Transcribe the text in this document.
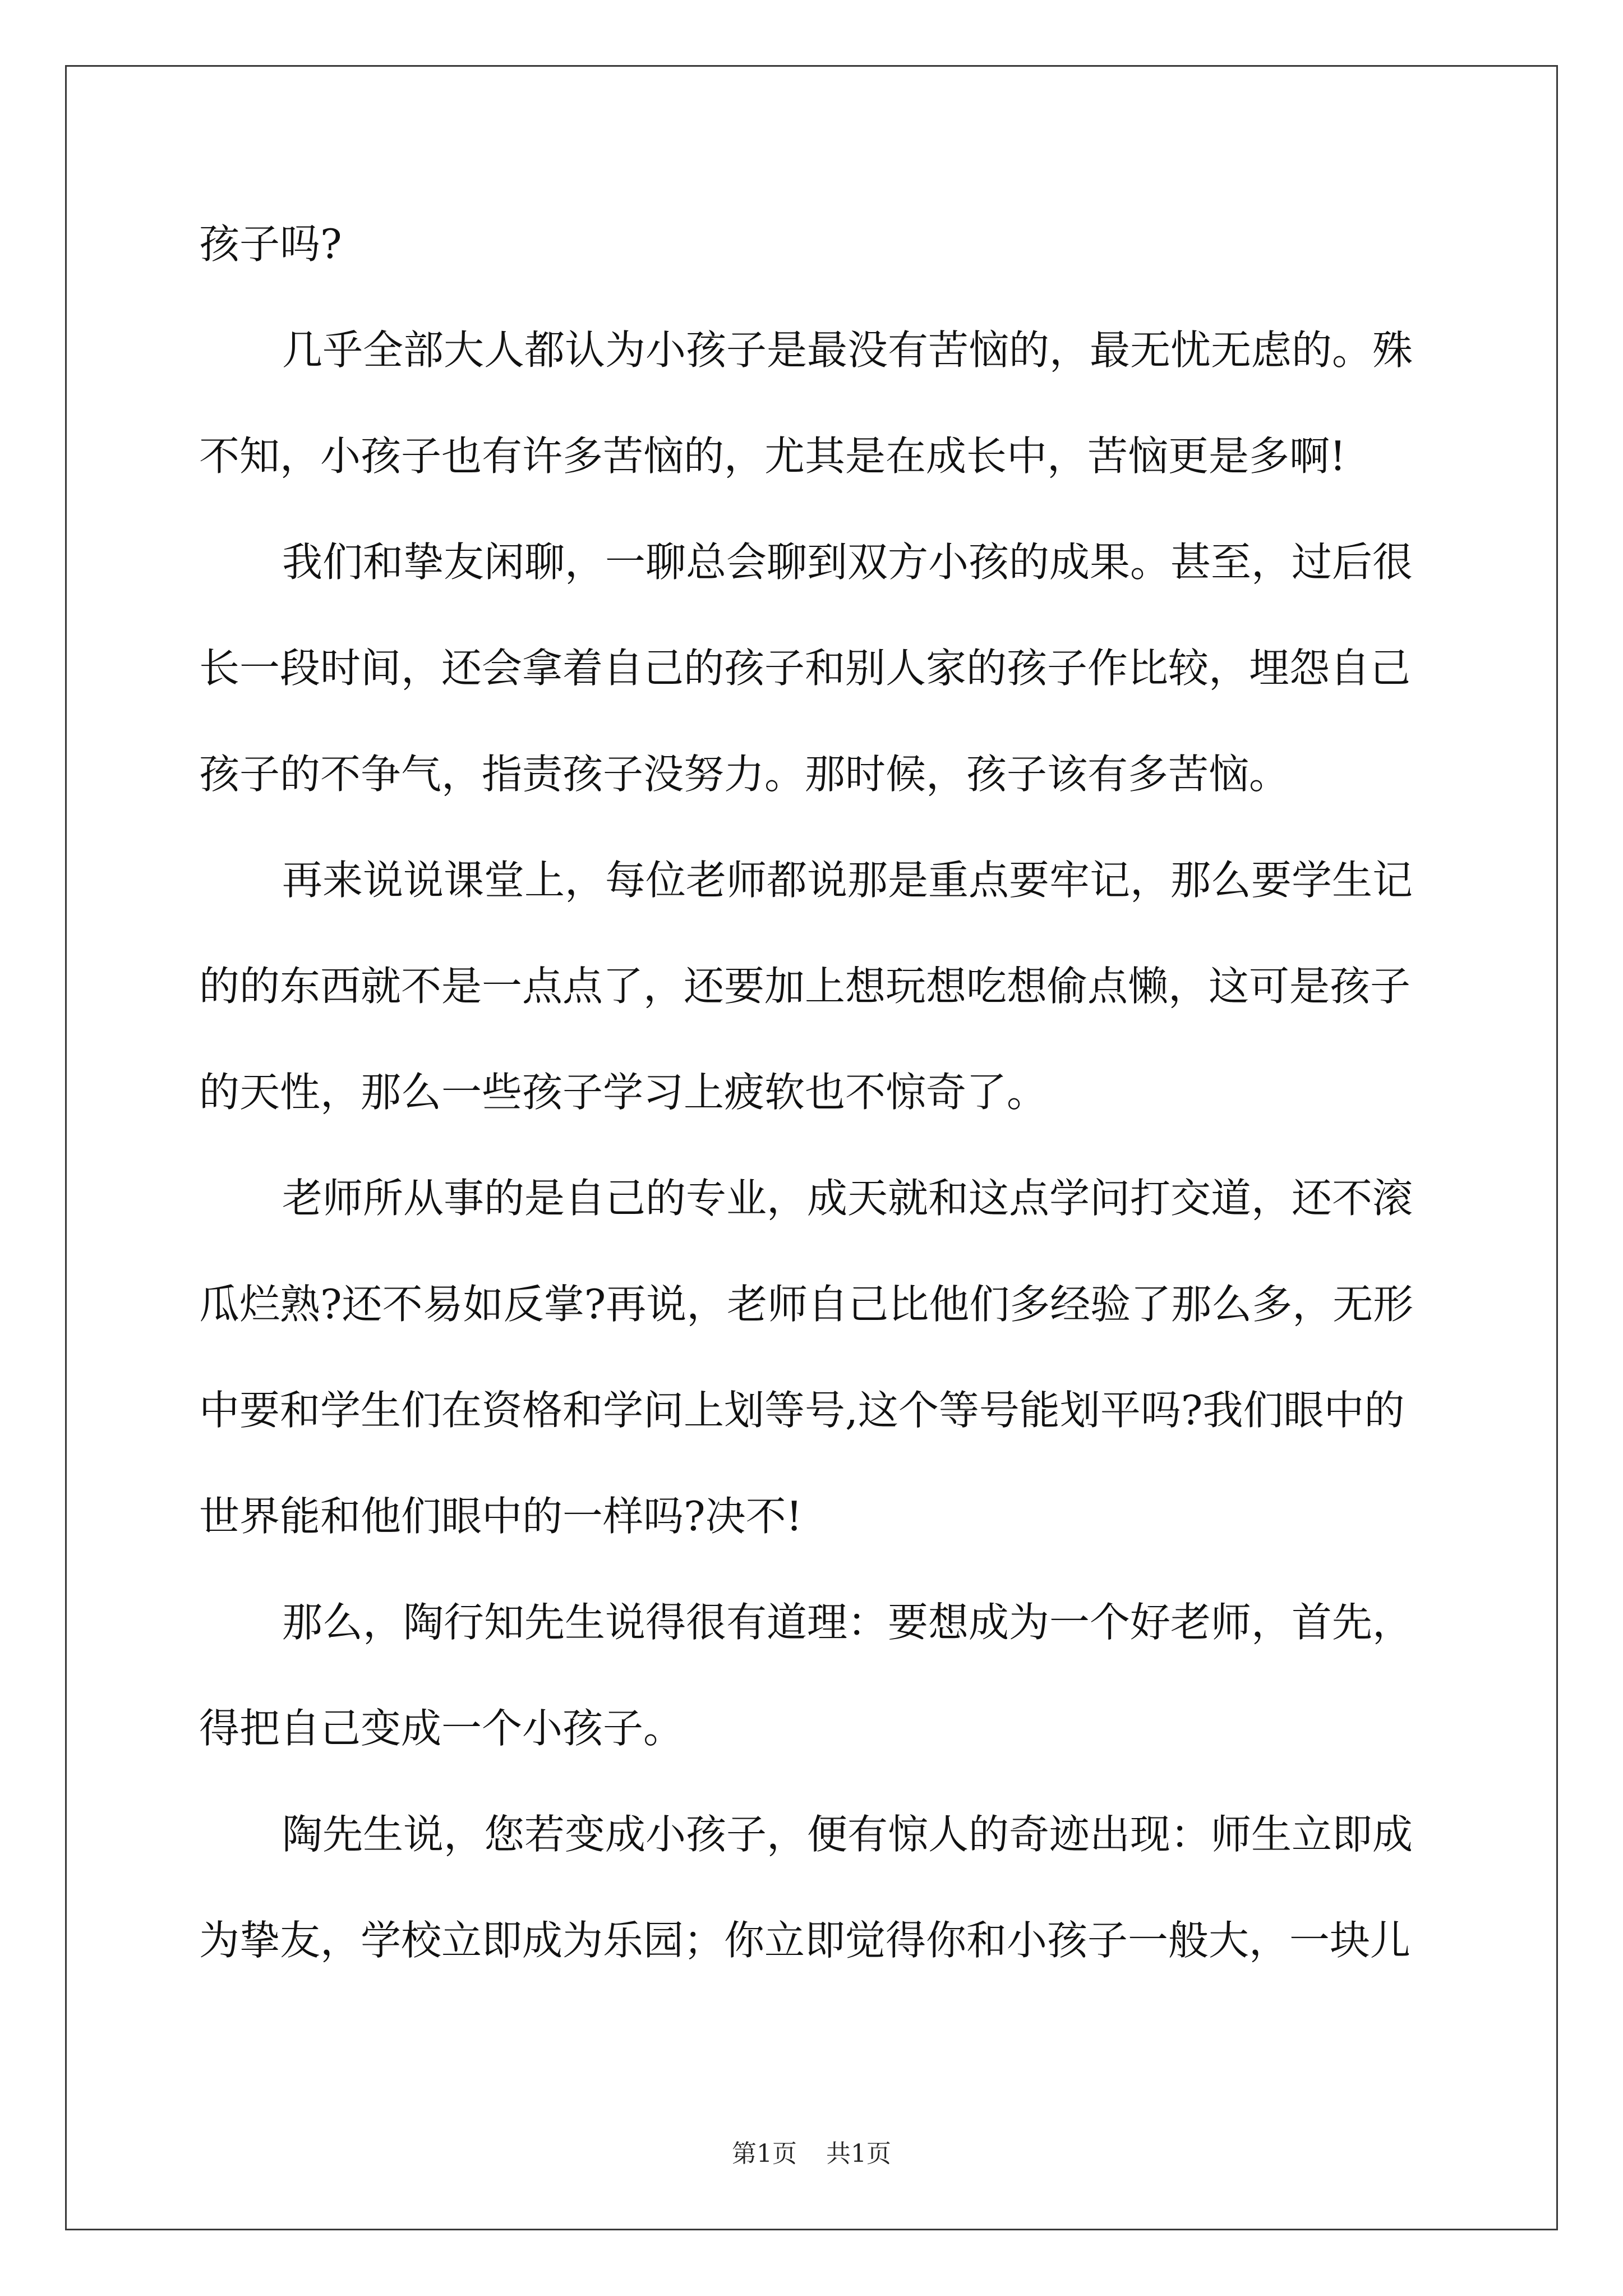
孩子吗?
几乎全部大人都认为小孩子是最没有苦恼的，最无忧无虑的。殊
不知，小孩子也有许多苦恼的，尤其是在成长中，苦恼更是多啊!
我们和挚友闲聊，一聊总会聊到双方小孩的成果。甚至，过后很
长一段时间，还会拿着自己的孩子和别人家的孩子作比较，埋怨自己
孩子的不争气，指责孩子没努力。那时候，孩子该有多苦恼。
再来说说课堂上，每位老师都说那是重点要牢记，那么要学生记
的的东西就不是一点点了，还要加上想玩想吃想偷点懒，这可是孩子
的天性，那么一些孩子学习上疲软也不惊奇了。
老师所从事的是自己的专业，成天就和这点学问打交道，还不滚
瓜烂熟?还不易如反掌?再说，老师自己比他们多经验了那么多，无形
中要和学生们在资格和学问上划等号,这个等号能划平吗?我们眼中的
世界能和他们眼中的一样吗?决不!
那么，陶行知先生说得很有道理：要想成为一个好老师，首先，
得把自己变成一个小孩子。
陶先生说，您若变成小孩子，便有惊人的奇迹出现：师生立即成
为挚友，学校立即成为乐园；你立即觉得你和小孩子一般大，一块儿
第1页 共1页
